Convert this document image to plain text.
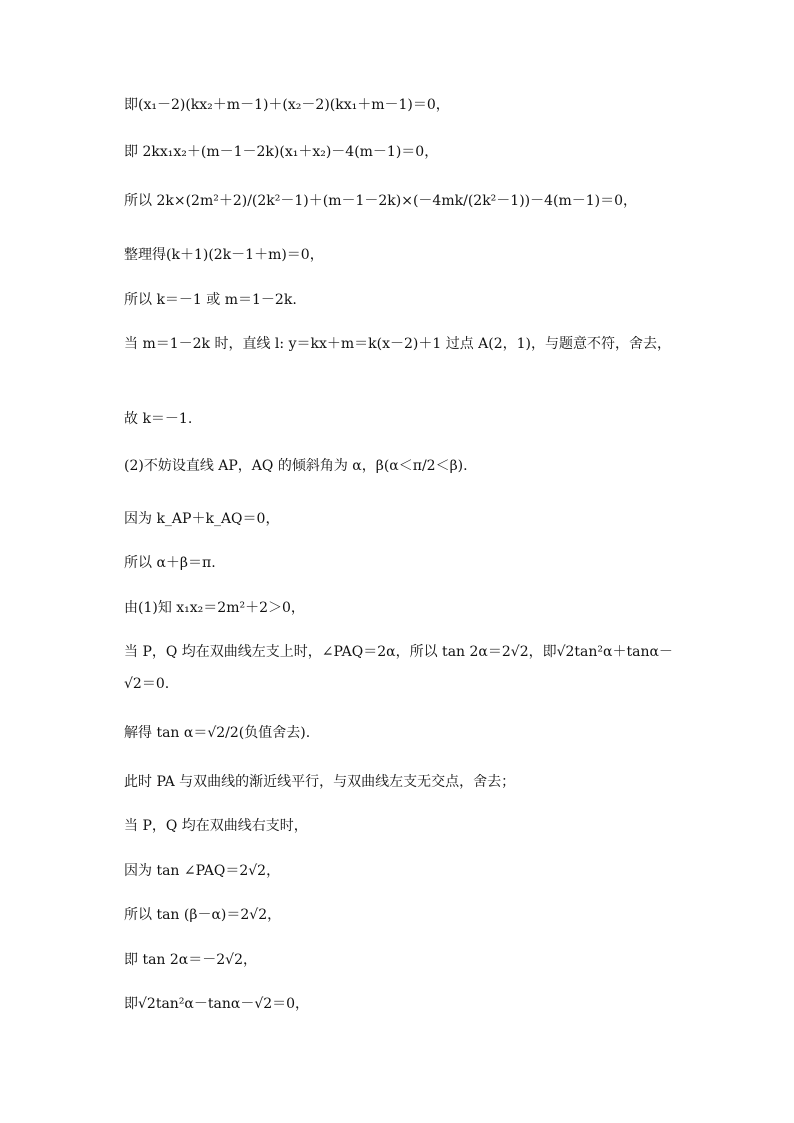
即(x₁－2)(kx₂＋m－1)＋(x₂－2)(kx₁＋m－1)＝0，
即 2kx₁x₂＋(m－1－2k)(x₁＋x₂)－4(m－1)＝0，
所以 2k×(2m²＋2)/(2k²－1)＋(m－1－2k)×(－4mk/(2k²－1))－4(m－1)＝0，
整理得(k＋1)(2k－1＋m)＝0，
所以 k＝－1 或 m＝1－2k.
当 m＝1－2k 时，直线 l: y＝kx＋m＝k(x－2)＋1 过点 A(2，1)，与题意不符，舍去，
故 k＝－1.
(2)不妨设直线 AP，AQ 的倾斜角为 α，β(α＜π/2＜β).
因为 k_AP＋k_AQ＝0，
所以 α＋β＝π.
由(1)知 x₁x₂＝2m²＋2＞0，
当 P，Q 均在双曲线左支上时，∠PAQ＝2α，所以 tan 2α＝2√2，即√2tan²α＋tanα－√2＝0.
解得 tan α＝√2/2(负值舍去).
此时 PA 与双曲线的渐近线平行，与双曲线左支无交点，舍去；
当 P，Q 均在双曲线右支时，
因为 tan ∠PAQ＝2√2，
所以 tan (β－α)＝2√2，
即 tan 2α＝－2√2，
即√2tan²α－tanα－√2＝0，
